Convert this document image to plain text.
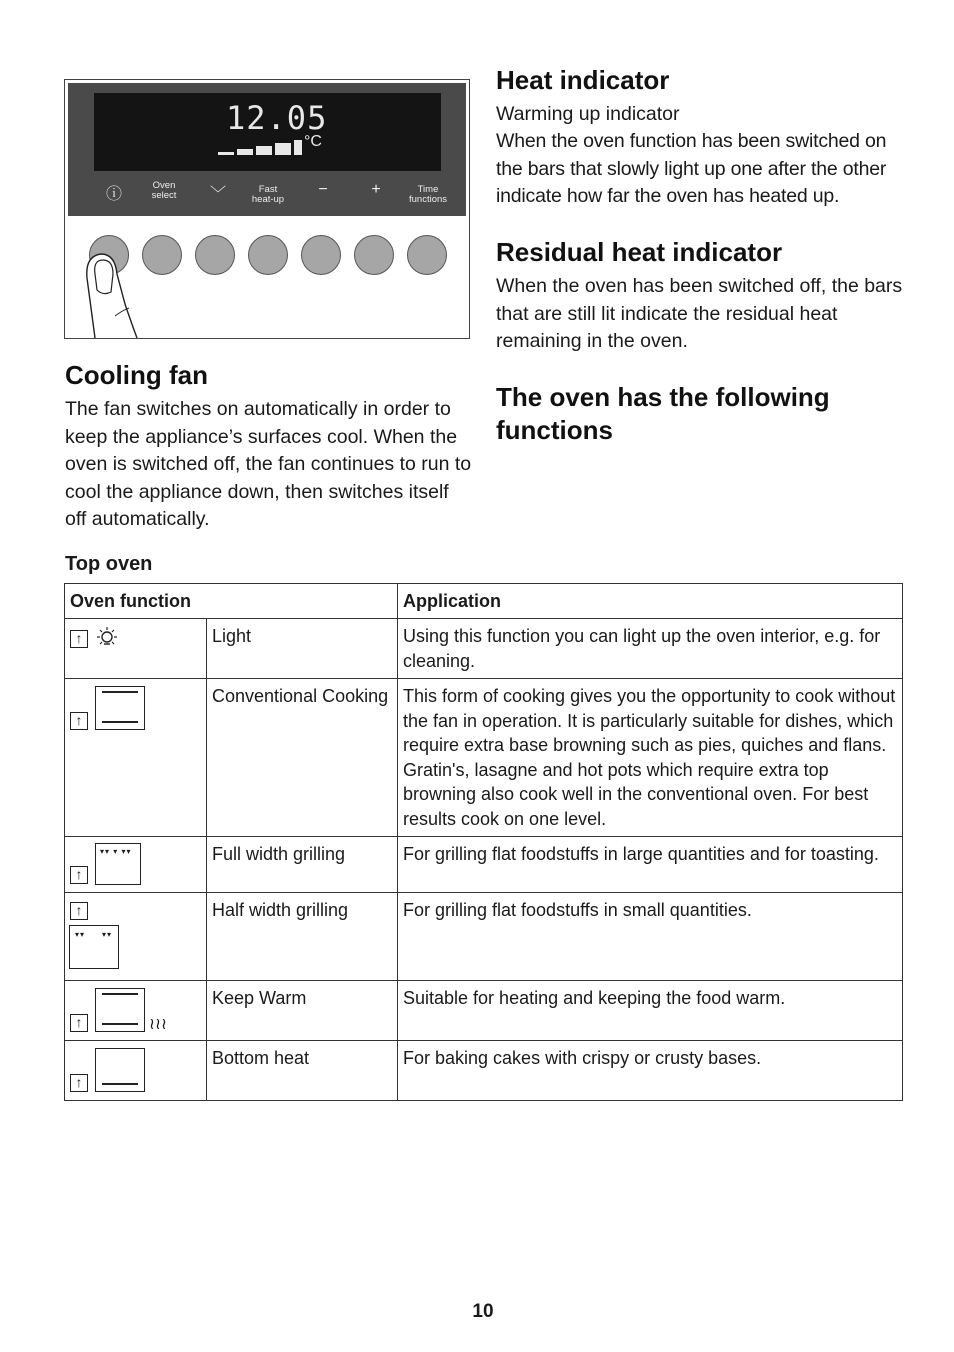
12.05
°C
ⓘ
Oven
select	﹀	Fast
heat-up
−	+	Time
functions
Heat indicator

Warming up indicator

When the oven function has been switched on the bars that slowly light up one after the other indicate how far the oven has heated up.

Residual heat indicator

When the oven has been switched off, the bars that are still lit indicate the residual heat remaining in the oven.

The oven has the following functions
Cooling fan

The fan switches on automatically in order to keep the appliance’s surfaces cool. When the oven is switched off, the fan continues to run to cool the appliance down, then switches itself off automatically.

Top oven
Oven function		Application

↑	Light	Using this function you can light up the oven interior, e.g. for cleaning.

↑	Conventional Cooking	This form of cooking gives you the opportunity to cook without the fan in operation. It is particularly suitable for dishes, which require extra base browning such as pies, quiches and flans. Gratin's, lasagne and hot pots which require extra top browning also cook well in the conventional oven. For best results cook on one level.

↑
▾▾ ▾ ▾▾	Full width grilling	For grilling flat foodstuffs in large quantities and for toasting.

↑
▾▾ ▾▾	Half width grilling	For grilling flat foodstuffs in small quantities.

↑ ≀≀≀	Keep Warm	Suitable for heating and keeping the food warm.

↑	Bottom heat	For baking cakes with crispy or crusty bases.
10
